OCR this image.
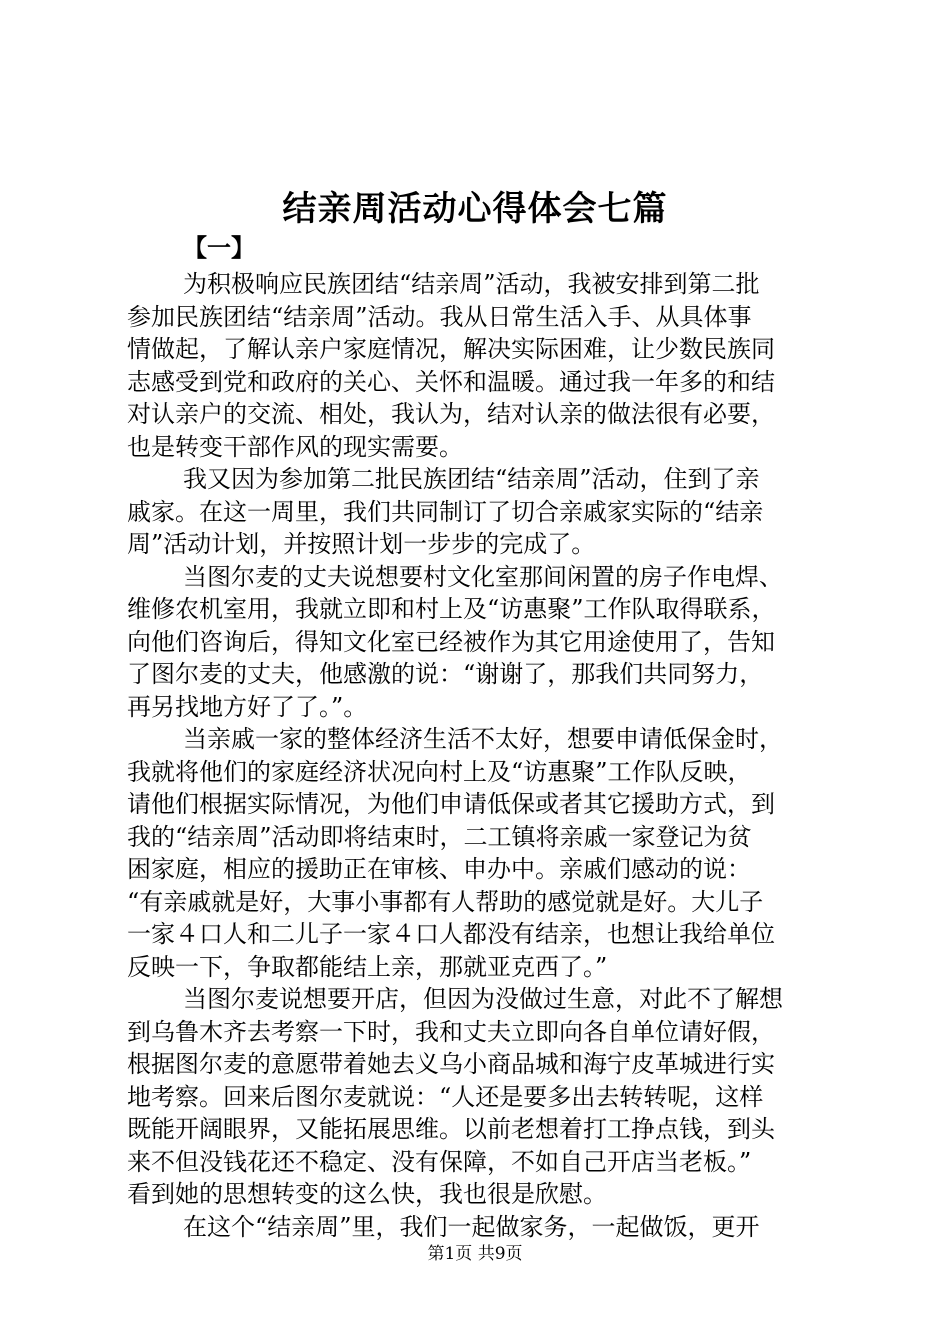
结亲周活动心得体会七篇
【一】
为积极响应民族团结“结亲周”活动，我被安排到第二批
参加民族团结“结亲周”活动。我从日常生活入手、从具体事
情做起，了解认亲户家庭情况，解决实际困难，让少数民族同
志感受到党和政府的关心、关怀和温暖。通过我一年多的和结
对认亲户的交流、相处，我认为，结对认亲的做法很有必要，
也是转变干部作风的现实需要。
我又因为参加第二批民族团结“结亲周”活动，住到了亲
戚家。在这一周里，我们共同制订了切合亲戚家实际的“结亲
周”活动计划，并按照计划一步步的完成了。
当图尔麦的丈夫说想要村文化室那间闲置的房子作电焊、
维修农机室用，我就立即和村上及“访惠聚”工作队取得联系，
向他们咨询后，得知文化室已经被作为其它用途使用了，告知
了图尔麦的丈夫，他感激的说：“谢谢了，那我们共同努力，
再另找地方好了了。”。
当亲戚一家的整体经济生活不太好，想要申请低保金时，
我就将他们的家庭经济状况向村上及“访惠聚”工作队反映，
请他们根据实际情况，为他们申请低保或者其它援助方式，到
我的“结亲周”活动即将结束时，二工镇将亲戚一家登记为贫
困家庭，相应的援助正在审核、申办中。亲戚们感动的说：
“有亲戚就是好，大事小事都有人帮助的感觉就是好。大儿子
一家４口人和二儿子一家４口人都没有结亲，也想让我给单位
反映一下，争取都能结上亲，那就亚克西了。”
当图尔麦说想要开店，但因为没做过生意，对此不了解想
到乌鲁木齐去考察一下时，我和丈夫立即向各自单位请好假，
根据图尔麦的意愿带着她去义乌小商品城和海宁皮革城进行实
地考察。回来后图尔麦就说：“人还是要多出去转转呢，这样
既能开阔眼界，又能拓展思维。以前老想着打工挣点钱，到头
来不但没钱花还不稳定、没有保障，不如自己开店当老板。”
看到她的思想转变的这么快，我也很是欣慰。
在这个“结亲周”里，我们一起做家务，一起做饭，更开
第1页 共9页
